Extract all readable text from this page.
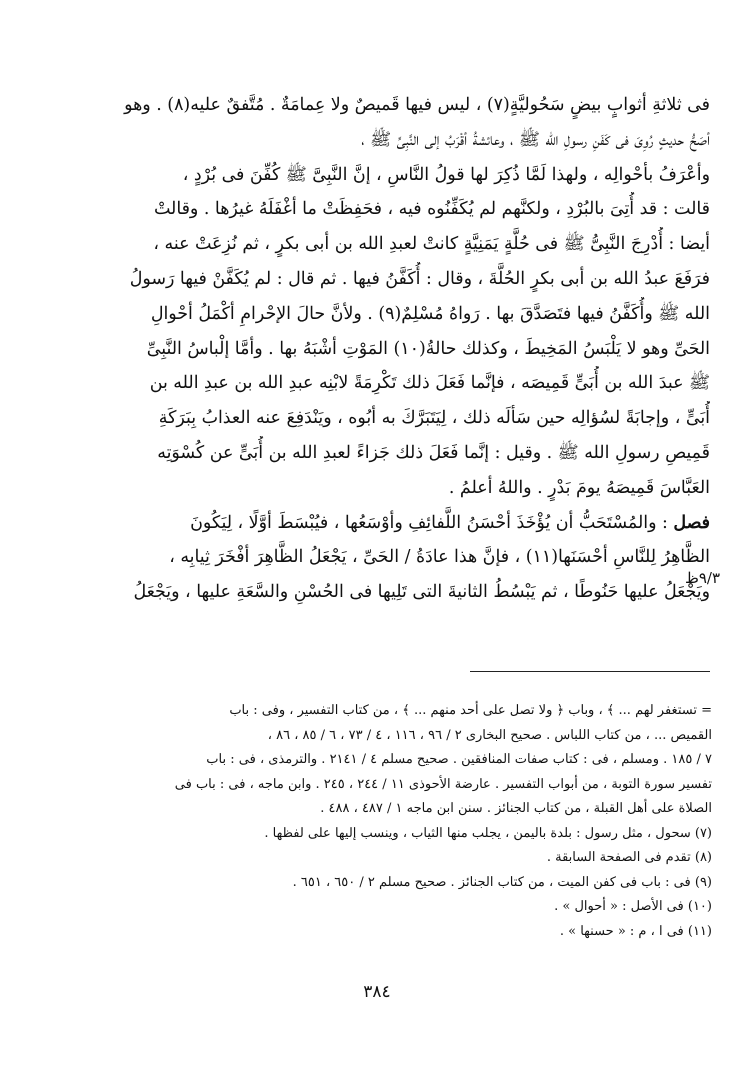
فى ثلاثةِ أثوابٍ بيضٍ سَحُوليَّةٍ(٧) ، ليس فيها قَميصٌ ولا عِمامَةٌ . مُتَّفقٌ عليه(٨) . وهو
أصَحُّ حديثٍ رُوِىَ فى كَفَنِ رسولِ الله ﷺ ، وعائشةُ أقْرَبُ إلى النَّبِىِّ ﷺ ،
وأعْرَفُ بأحْوالِه ، ولهذا لَمَّا ذُكِرَ لها قولُ النَّاسِ ، إنَّ النَّبِىَّ ﷺ كُفِّنَ فى بُرْدٍ ،
قالت : قد أُتِىَ بالبُرْدِ ، ولكنَّهم لم يُكَفِّنُوه فيه ، فحَفِظَتْ ما أغْفَلَهُ غيرُها . وقالتْ
أيضا : أُدْرِجَ النَّبِىُّ ﷺ فى حُلَّةٍ يَمَنِيَّةٍ كانتْ لعبدِ الله بن أبى بكرٍ ، ثم نُزِعَتْ عنه ،
فرَفَعَ عبدُ الله بن أبى بكرٍ الحُلَّةَ ، وقال : أُكَفَّنُ فيها . ثم قال : لم يُكَفَّنْ فيها رَسولُ
الله ﷺ وأُكَفَّنُ فيها فتَصَدَّقَ بها . رَواهُ مُسْلِمٌ(٩) . ولأنَّ حالَ الإحْرامِ أكْمَلُ أحْوالِ
الحَىِّ وهو لا يَلْبَسُ المَخِيطَ ، وكذلك حالةُ(١٠) المَوْتِ أشْبَهُ بها . وأمَّا إلْباسُ النَّبِىِّ
ﷺ عبدَ الله بن أُبَىٍّ قَمِيصَه ، فإنَّما فَعَلَ ذلك تَكْرِمَةً لابْنِه عبدِ الله بن عبدِ الله بن
أُبَىٍّ ، وإجابَةً لسُؤالِه حين سَألَه ذلك ، لِيَتَبَرَّكَ به أبُوه ، ويَنْدَفِعَ عنه العذابُ بِبَرَكَةِ
قَمِيصِ رسولِ الله ﷺ . وقيل : إنَّما فَعَلَ ذلك جَزاءً لعبدِ الله بن أُبَىٍّ عن كُسْوَتِه
العَبَّاسَ قَمِيصَهُ يومَ بَدْرٍ . واللهُ أعلمُ .
فصل : والمُسْتَحَبُّ أن يُؤْخَذَ أحْسَنُ اللَّفائِفِ وأوْسَعُها ، فيُبْسَطَ أوَّلًا ، لِيَكُونَ
الظَّاهِرُ لِلنَّاسِ أحْسَنَها(١١) ، فإنَّ هذا عادَةُ / الحَىِّ ، يَجْعَلُ الظَّاهِرَ أفْخَرَ ثِيابِه ،
ويَجْعَلُ عليها حَنُوطًا ، ثم يَبْسُطُ الثانيةَ التى تَلِيها فى الحُسْنِ والسَّعَةِ عليها ، ويَجْعَلُ
٩/٣ظ
= تستغفر لهم ... ﴾ ، وباب ﴿ ولا تصل على أحد منهم ... ﴾ ، من كتاب التفسير ، وفى : باب
القميص ... ، من كتاب اللباس . صحيح البخارى ٢ / ٩٦ ، ١١٦ ، ٤ / ٧٣ ، ٦ / ٨٥ ، ٨٦ ،
٧ / ١٨٥ . ومسلم ، فى : كتاب صفات المنافقين . صحيح مسلم ٤ / ٢١٤١ . والترمذى ، فى : باب
تفسير سورة التوبة ، من أبواب التفسير . عارضة الأحوذى ١١ / ٢٤٤ ، ٢٤٥ . وابن ماجه ، فى : باب فى
الصلاة على أهل القبلة ، من كتاب الجنائز . سنن ابن ماجه ١ / ٤٨٧ ، ٤٨٨ .
(٧) سحول ، مثل رسول : بلدة باليمن ، يجلب منها الثياب ، وينسب إليها على لفظها .
(٨) تقدم فى الصفحة السابقة .
(٩) فى : باب فى كفن الميت ، من كتاب الجنائز . صحيح مسلم ٢ / ٦٥٠ ، ٦٥١ .
(١٠) فى الأصل : « أحوال » .
(١١) فى ا ، م : « حسنها » .
٣٨٤
